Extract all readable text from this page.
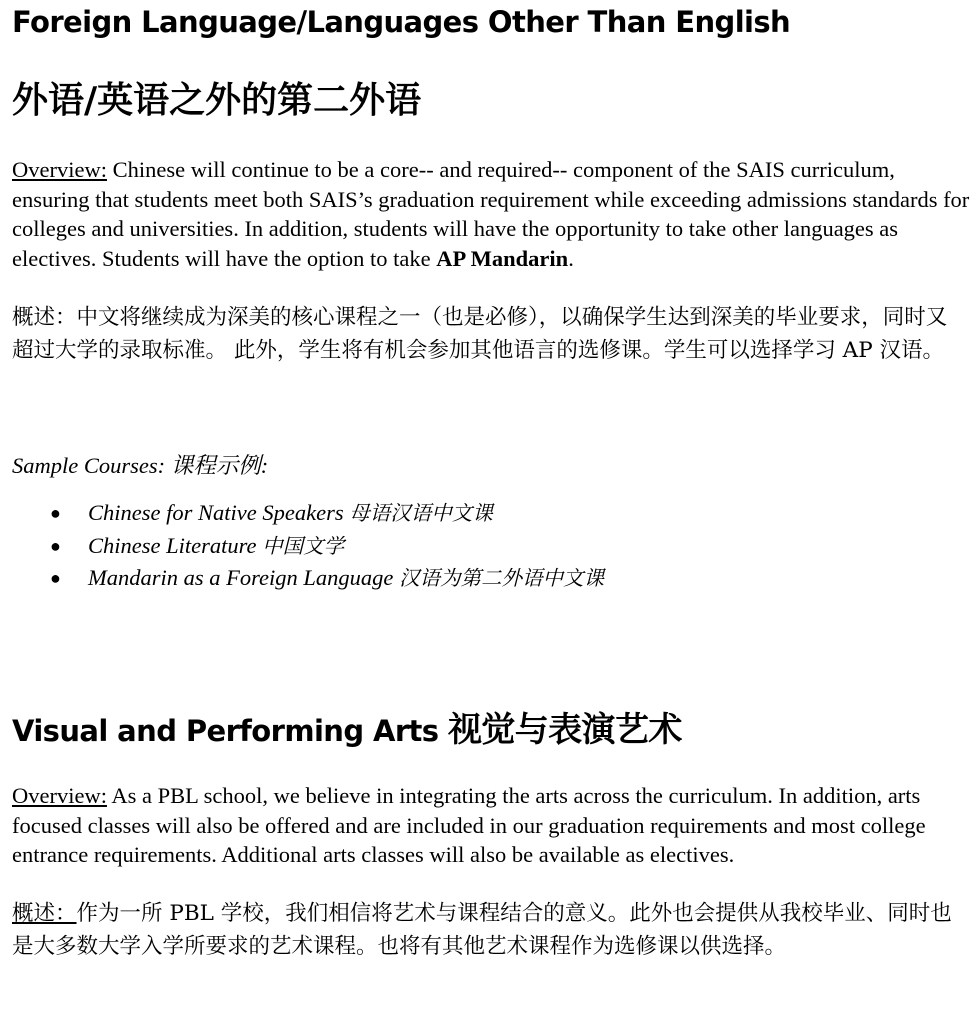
Foreign Language/Languages Other Than English
外语/英语之外的第二外语

Overview: Chinese will continue to be a core-- and required-- component of the SAIS curriculum, ensuring that students meet both SAIS’s graduation requirement while exceeding admissions standards for colleges and universities. In addition, students will have the opportunity to take other languages as electives. Students will have the option to take AP Mandarin.

概述：中文将继续成为深美的核心课程之一（也是必修），以确保学生达到深美的毕业要求，同时又超过大学的录取标准。 此外，学生将有机会参加其他语言的选修课。学生可以选择学习 AP 汉语。

Sample Courses: 课程示例:

● Chinese for Native Speakers 母语汉语中文课
● Chinese Literature 中国文学
● Mandarin as a Foreign Language 汉语为第二外语中文课
Visual and Performing Arts 视觉与表演艺术

Overview: As a PBL school, we believe in integrating the arts across the curriculum. In addition, arts focused classes will also be offered and are included in our graduation requirements and most college entrance requirements. Additional arts classes will also be available as electives.

概述：作为一所 PBL 学校，我们相信将艺术与课程结合的意义。此外也会提供从我校毕业、同时也是大多数大学入学所要求的艺术课程。也将有其他艺术课程作为选修课以供选择。
